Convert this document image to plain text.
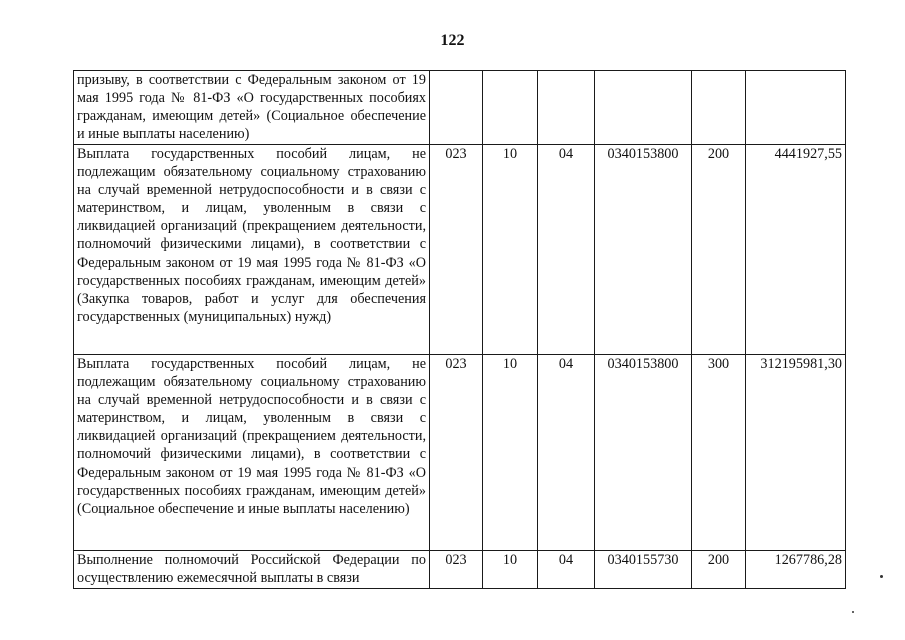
122
призыву, в соответствии с Федеральным законом от 19 мая 1995 года № 81-ФЗ «О государственных пособиях гражданам, имеющим детей» (Социальное обеспечение и иные выплаты населению)						
Выплата государственных пособий лицам, не подлежащим обязательному социальному страхованию на случай временной нетрудоспособности и в связи с материнством, и лицам, уволенным в связи с ликвидацией организаций (прекращением деятельности, полномочий физическими лицами), в соответствии с Федеральным законом от 19 мая 1995 года № 81-ФЗ «О государственных пособиях гражданам, имеющим детей» (Закупка товаров, работ и услуг для обеспечения государственных (муниципальных) нужд)	023	10	04	0340153800	200	4441927,55
Выплата государственных пособий лицам, не подлежащим обязательному социальному страхованию на случай временной нетрудоспособности и в связи с материнством, и лицам, уволенным в связи с ликвидацией организаций (прекращением деятельности, полномочий физическими лицами), в соответствии с Федеральным законом от 19 мая 1995 года № 81-ФЗ «О государственных пособиях гражданам, имеющим детей» (Социальное обеспечение и иные выплаты населению)	023	10	04	0340153800	300	312195981,30
Выполнение полномочий Российской Федерации по осуществлению ежемесячной выплаты в связи	023	10	04	0340155730	200	1267786,28
